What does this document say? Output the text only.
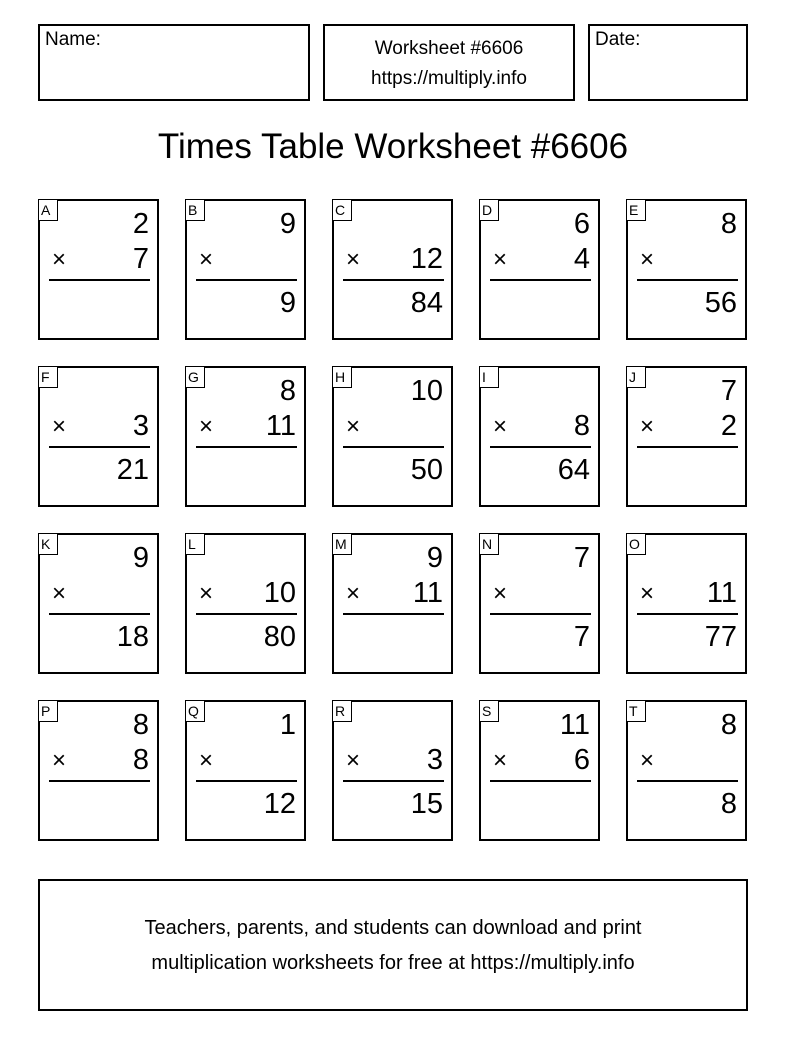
Name:	Worksheet #6606
https://multiply.info
Date:
Times Table Worksheet #6606
A	2
× 7
B	9
×
9
C
× 12
84
D	6
× 4
E	8
×
56
F
× 3
21
G	8
× 11
H 10
×
50
I
× 8
64
J	7
× 2
K	9
×
18
L
× 10
80
M	9
× 11
N	7
×
7
O
× 11
77
P	8
× 8
Q	1
×
12
R
× 3
15
S 11
× 6
T	8
×
8
Teachers, parents, and students can download and print
multiplication worksheets for free at https://multiply.info
